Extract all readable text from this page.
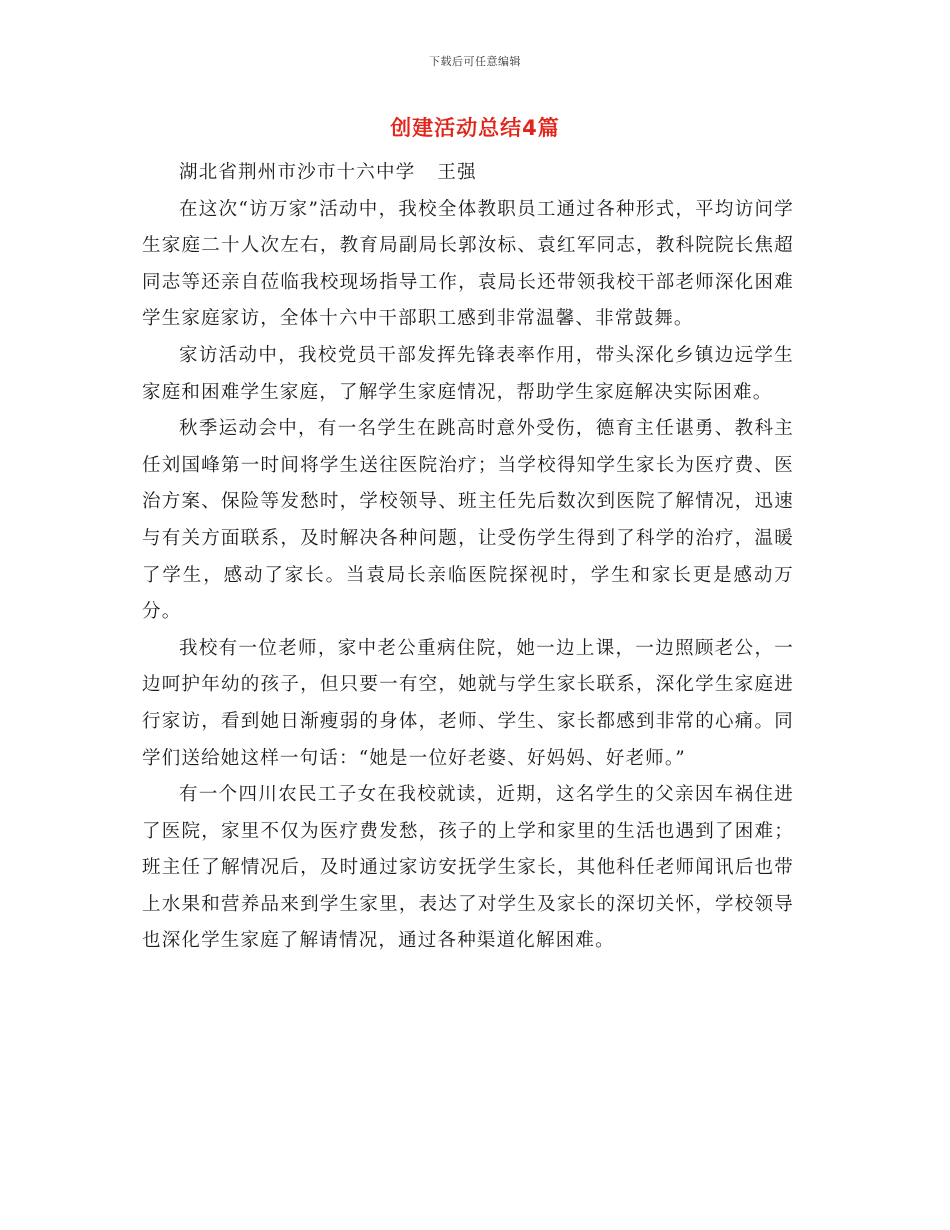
下载后可任意编辑
创建活动总结4篇

湖北省荆州市沙市十六中学 王强

在这次“访万家”活动中，我校全体教职员工通过各种形式，平均访问学生家庭二十人次左右，教育局副局长郭汝标、袁红军同志，教科院院长焦超同志等还亲自莅临我校现场指导工作，袁局长还带领我校干部老师深化困难学生家庭家访，全体十六中干部职工感到非常温馨、非常鼓舞。

家访活动中，我校党员干部发挥先锋表率作用，带头深化乡镇边远学生家庭和困难学生家庭，了解学生家庭情况，帮助学生家庭解决实际困难。

秋季运动会中，有一名学生在跳高时意外受伤，德育主任谌勇、教科主任刘国峰第一时间将学生送往医院治疗；当学校得知学生家长为医疗费、医治方案、保险等发愁时，学校领导、班主任先后数次到医院了解情况，迅速与有关方面联系，及时解决各种问题，让受伤学生得到了科学的治疗，温暖了学生，感动了家长。当袁局长亲临医院探视时，学生和家长更是感动万分。

我校有一位老师，家中老公重病住院，她一边上课，一边照顾老公，一边呵护年幼的孩子，但只要一有空，她就与学生家长联系，深化学生家庭进行家访，看到她日渐瘦弱的身体，老师、学生、家长都感到非常的心痛。同学们送给她这样一句话：“她是一位好老婆、好妈妈、好老师。”

有一个四川农民工子女在我校就读，近期，这名学生的父亲因车祸住进了医院，家里不仅为医疗费发愁，孩子的上学和家里的生活也遇到了困难；班主任了解情况后，及时通过家访安抚学生家长，其他科任老师闻讯后也带上水果和营养品来到学生家里，表达了对学生及家长的深切关怀，学校领导也深化学生家庭了解请情况，通过各种渠道化解困难。
